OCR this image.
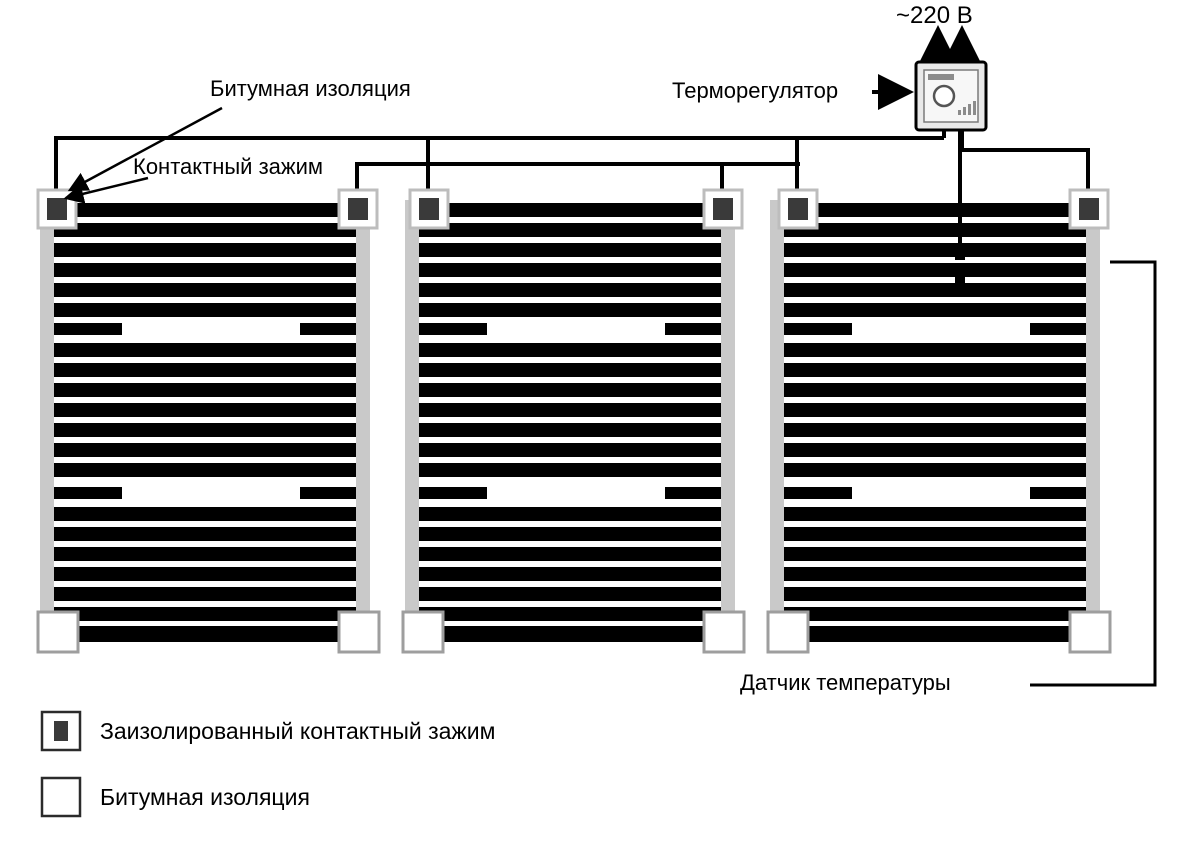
~220 В
Битумная изоляция
Контактный зажим
Терморегулятор
Датчик температуры
Заизолированный контактный зажим
Битумная изоляция
